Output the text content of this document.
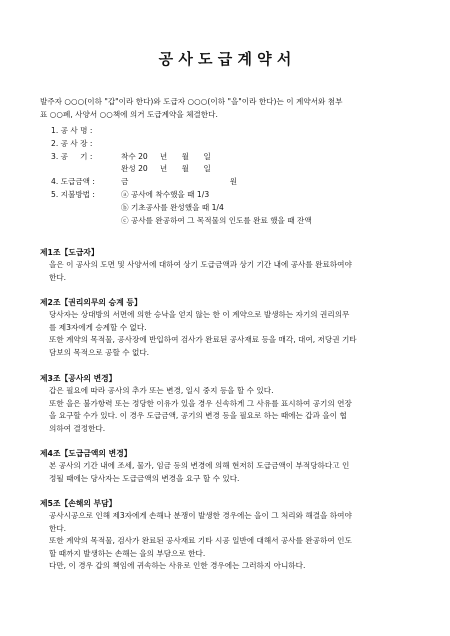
공 사 도 급 계 약 서

발주자 ○○○(이하 "갑"이라 한다)와 도급자 ○○○(이하 "을"이라 한다)는 이 계약서와 첨부

표 ○○폐, 사양서 ○○책에 의거 도급계약을 체결한다.

1. 공 사 명 :
2. 공 사 장 :
3. 공     기 :	착수 20     년      월      일
완성 20     년      월      일
4. 도급금액 :	금                                          원
5. 지불방법 :	ⓐ 공사에 착수했을 때 1/3
ⓑ 기초공사를 완성했을 때 1/4
ⓒ 공사를 완공하여 그 목적물의 인도를 완료 했을 때 잔액
제1조【도급자】

을은 이 공사의 도면 및 사양서에 대하여 상기 도급금액과 상기 기간 내에 공사를 완료하여야

한다.

제2조【권리의무의 승계 등】

당사자는 상대방의 서면에 의한 승낙을 얻지 않는 한 이 계약으로 발생하는 자기의 권리의무

를 제3자에게 승계할 수 없다.

또한 계약의 목적물, 공사장에 반입하여 검사가 완료된 공사재료 등을 매각, 대여, 저당권 기타

담보의 목적으로 공할 수 없다.

제3조【공사의 변경】

갑은 필요에 따라 공사의 추가 또는 변경, 일시 중지 등을 할 수 있다.

또한 을은 불가항력 또는 정당한 이유가 있을 경우 신속하게 그 사유를 표시하여 공기의 연장

을 요구할 수가 있다. 이 경우 도급금액, 공기의 변경 등을 필요로 하는 때에는 갑과 을이 협

의하여 결정한다.

제4조【도급금액의 변경】

본 공사의 기간 내에 조세, 물가, 임금 등의 변경에 의해 현저히 도급금액이 부적당하다고 인

정될 때에는 당사자는 도급금액의 변경을 요구 할 수 있다.

제5조【손해의 부담】

공사시공으로 인해 제3자에게 손해나 분쟁이 발생한 경우에는 을이 그 처리와 해결을 하여야

한다.

또한 계약의 목적물, 검사가 완료된 공사재료 기타 시공 일반에 대해서 공사를 완공하여 인도

할 때까지 발생하는 손해는 을의 부담으로 한다.

다만, 이 경우 갑의 책임에 귀속하는 사유로 인한 경우에는 그러하지 아니하다.
